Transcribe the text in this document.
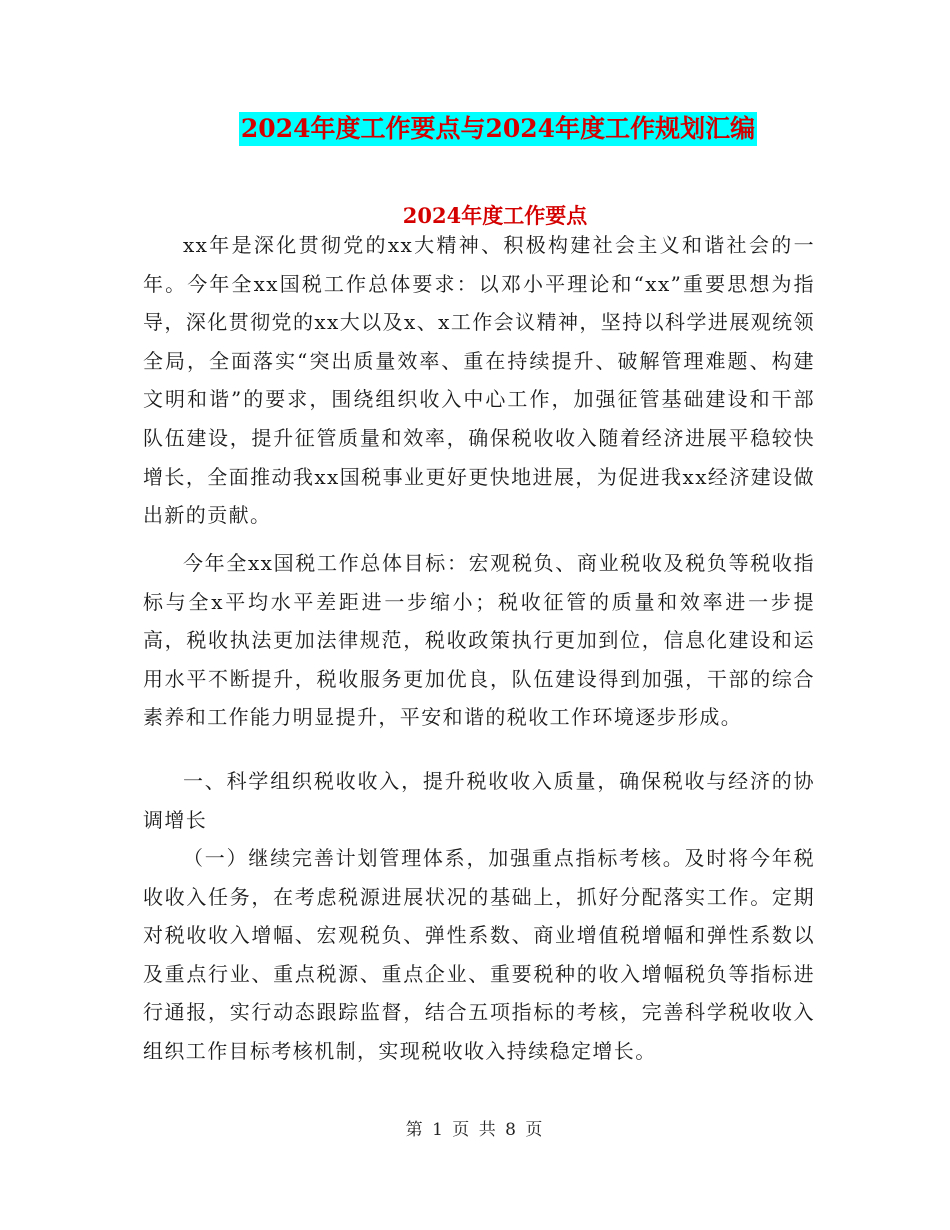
2024年度工作要点与2024年度工作规划汇编
2024年度工作要点

xx年是深化贯彻党的xx大精神、积极构建社会主义和谐社会的一年。今年全xx国税工作总体要求：以邓小平理论和“xx”重要思想为指导，深化贯彻党的xx大以及x、x工作会议精神，坚持以科学进展观统领全局，全面落实“突出质量效率、重在持续提升、破解管理难题、构建文明和谐”的要求，围绕组织收入中心工作，加强征管基础建设和干部队伍建设，提升征管质量和效率，确保税收收入随着经济进展平稳较快增长，全面推动我xx国税事业更好更快地进展，为促进我xx经济建设做出新的贡献。

今年全xx国税工作总体目标：宏观税负、商业税收及税负等税收指标与全x平均水平差距进一步缩小；税收征管的质量和效率进一步提高，税收执法更加法律规范，税收政策执行更加到位，信息化建设和运用水平不断提升，税收服务更加优良，队伍建设得到加强，干部的综合素养和工作能力明显提升，平安和谐的税收工作环境逐步形成。

一、科学组织税收收入，提升税收收入质量，确保税收与经济的协调增长

（一）继续完善计划管理体系，加强重点指标考核。及时将今年税收收入任务，在考虑税源进展状况的基础上，抓好分配落实工作。定期对税收收入增幅、宏观税负、弹性系数、商业增值税增幅和弹性系数以及重点行业、重点税源、重点企业、重要税种的收入增幅税负等指标进行通报，实行动态跟踪监督，结合五项指标的考核，完善科学税收收入组织工作目标考核机制，实现税收收入持续稳定增长。

第 1 页 共 8 页
